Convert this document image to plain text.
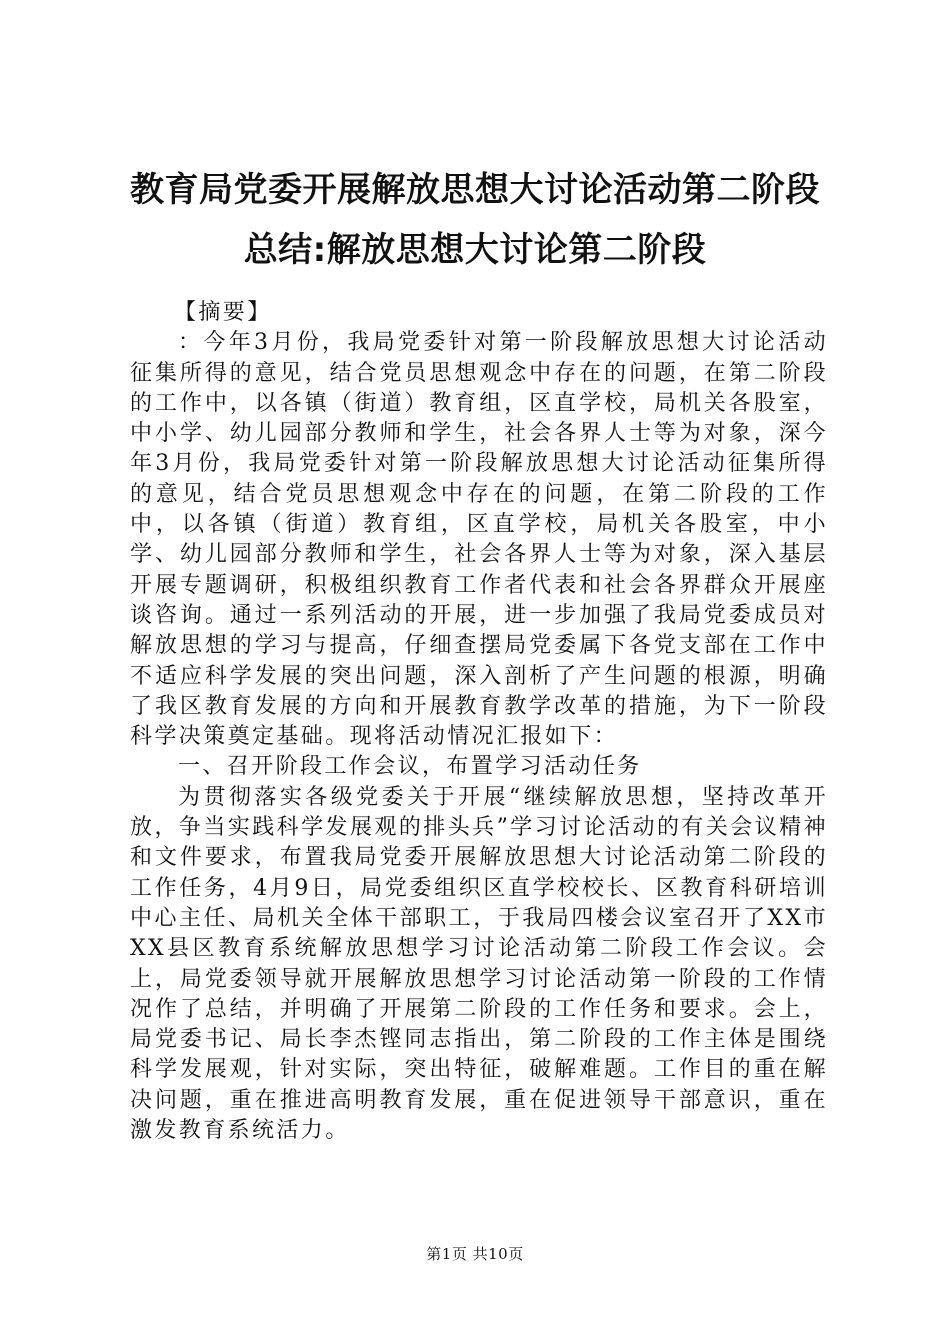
教育局党委开展解放思想大讨论活动第二阶段
总结:解放思想大讨论第二阶段

【摘要】

：今年3月份，我局党委针对第一阶段解放思想大讨论活动征集所得的意见，结合党员思想观念中存在的问题，在第二阶段的工作中，以各镇（街道）教育组，区直学校，局机关各股室，中小学、幼儿园部分教师和学生，社会各界人士等为对象，深今年3月份，我局党委针对第一阶段解放思想大讨论活动征集所得的意见，结合党员思想观念中存在的问题，在第二阶段的工作中，以各镇（街道）教育组，区直学校，局机关各股室，中小学、幼儿园部分教师和学生，社会各界人士等为对象，深入基层开展专题调研，积极组织教育工作者代表和社会各界群众开展座谈咨询。通过一系列活动的开展，进一步加强了我局党委成员对解放思想的学习与提高，仔细查摆局党委属下各党支部在工作中不适应科学发展的突出问题，深入剖析了产生问题的根源，明确了我区教育发展的方向和开展教育教学改革的措施，为下一阶段科学决策奠定基础。现将活动情况汇报如下：

一、召开阶段工作会议，布置学习活动任务

为贯彻落实各级党委关于开展“继续解放思想，坚持改革开放，争当实践科学发展观的排头兵”学习讨论活动的有关会议精神和文件要求，布置我局党委开展解放思想大讨论活动第二阶段的工作任务，4月9日，局党委组织区直学校校长、区教育科研培训中心主任、局机关全体干部职工，于我局四楼会议室召开了XX市XX县区教育系统解放思想学习讨论活动第二阶段工作会议。会上，局党委领导就开展解放思想学习讨论活动第一阶段的工作情况作了总结，并明确了开展第二阶段的工作任务和要求。会上，局党委书记、局长李杰铿同志指出，第二阶段的工作主体是围绕科学发展观，针对实际，突出特征，破解难题。工作目的重在解决问题，重在推进高明教育发展，重在促进领导干部意识，重在激发教育系统活力。

第1页 共10页
